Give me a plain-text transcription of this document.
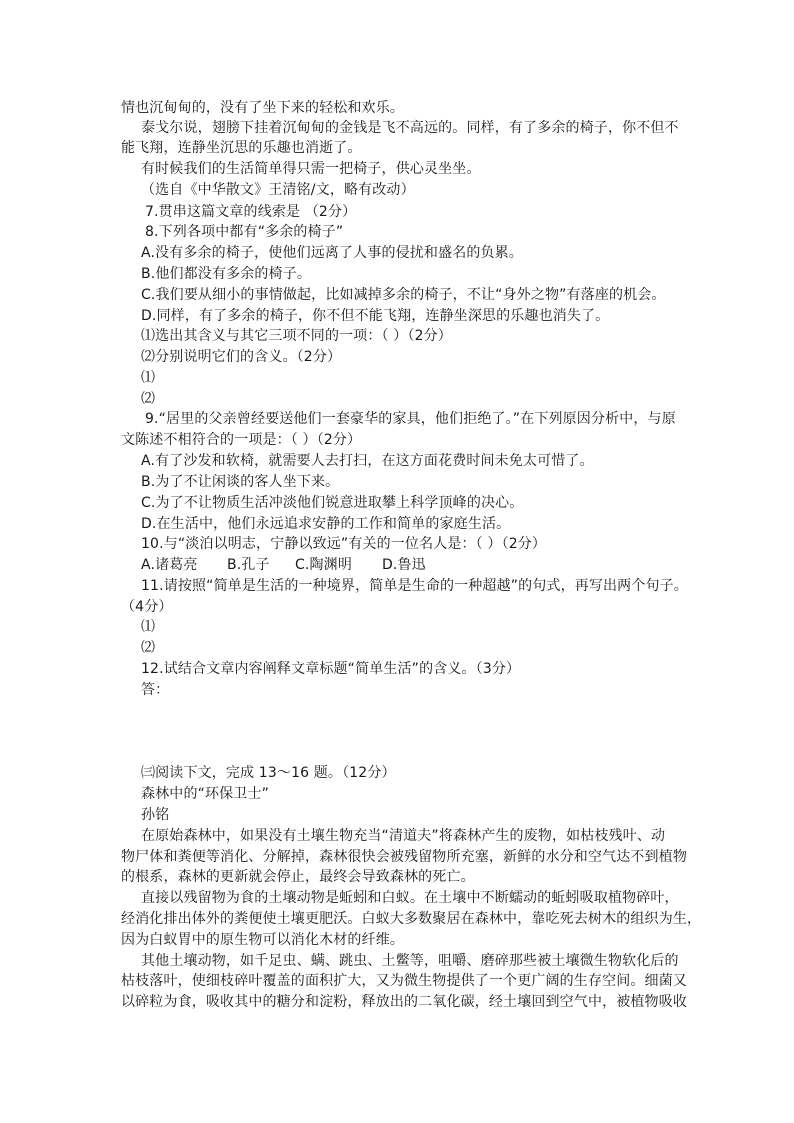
情也沉甸甸的，没有了坐下来的轻松和欢乐。
泰戈尔说，翅膀下挂着沉甸甸的金钱是飞不高远的。同样，有了多余的椅子，你不但不
能飞翔，连静坐沉思的乐趣也消逝了。
有时候我们的生活简单得只需一把椅子，供心灵坐坐。
（选自《中华散文》王清铭/文，略有改动）
7.贯串这篇文章的线索是 （2分）
8.下列各项中都有“多余的椅子”
A.没有多余的椅子，使他们远离了人事的侵扰和盛名的负累。
B.他们都没有多余的椅子。
C.我们要从细小的事情做起，比如减掉多余的椅子，不让“身外之物”有落座的机会。
D.同样，有了多余的椅子，你不但不能飞翔，连静坐深思的乐趣也消失了。
⑴选出其含义与其它三项不同的一项：（ ）（2分）
⑵分别说明它们的含义。（2分）
⑴
⑵
9.“居里的父亲曾经要送他们一套豪华的家具，他们拒绝了。”在下列原因分析中，与原
文陈述不相符合的一项是：（ ）（2分）
A.有了沙发和软椅，就需要人去打扫，在这方面花费时间未免太可惜了。
B.为了不让闲谈的客人坐下来。
C.为了不让物质生活冲淡他们锐意进取攀上科学顶峰的决心。
D.在生活中，他们永远追求安静的工作和简单的家庭生活。
10.与“淡泊以明志，宁静以致远”有关的一位名人是：（ ）（2分）
A.诸葛亮 B.孔子 C.陶渊明 D.鲁迅
11.请按照“简单是生活的一种境界，简单是生命的一种超越”的句式，再写出两个句子。
（4分）
⑴
⑵
12.试结合文章内容阐释文章标题“简单生活”的含义。（3分）
答：
㈢阅读下文，完成 13～16 题。（12分）
森林中的“环保卫士”
孙铭
在原始森林中，如果没有土壤生物充当“清道夫”将森林产生的废物，如枯枝残叶、动
物尸体和粪便等消化、分解掉，森林很快会被残留物所充塞，新鲜的水分和空气达不到植物
的根系，森林的更新就会停止，最终会导致森林的死亡。
直接以残留物为食的土壤动物是蚯蚓和白蚁。在土壤中不断蠕动的蚯蚓吸取植物碎叶，
经消化排出体外的粪便使土壤更肥沃。白蚁大多数聚居在森林中，靠吃死去树木的组织为生，
因为白蚁胃中的原生物可以消化木材的纤维。
其他土壤动物，如千足虫、螨、跳虫、土鳖等，咀嚼、磨碎那些被土壤微生物软化后的
枯枝落叶，使细枝碎叶覆盖的面积扩大，又为微生物提供了一个更广阔的生存空间。细菌又
以碎粒为食，吸收其中的糖分和淀粉，释放出的二氧化碳，经土壤回到空气中，被植物吸收
